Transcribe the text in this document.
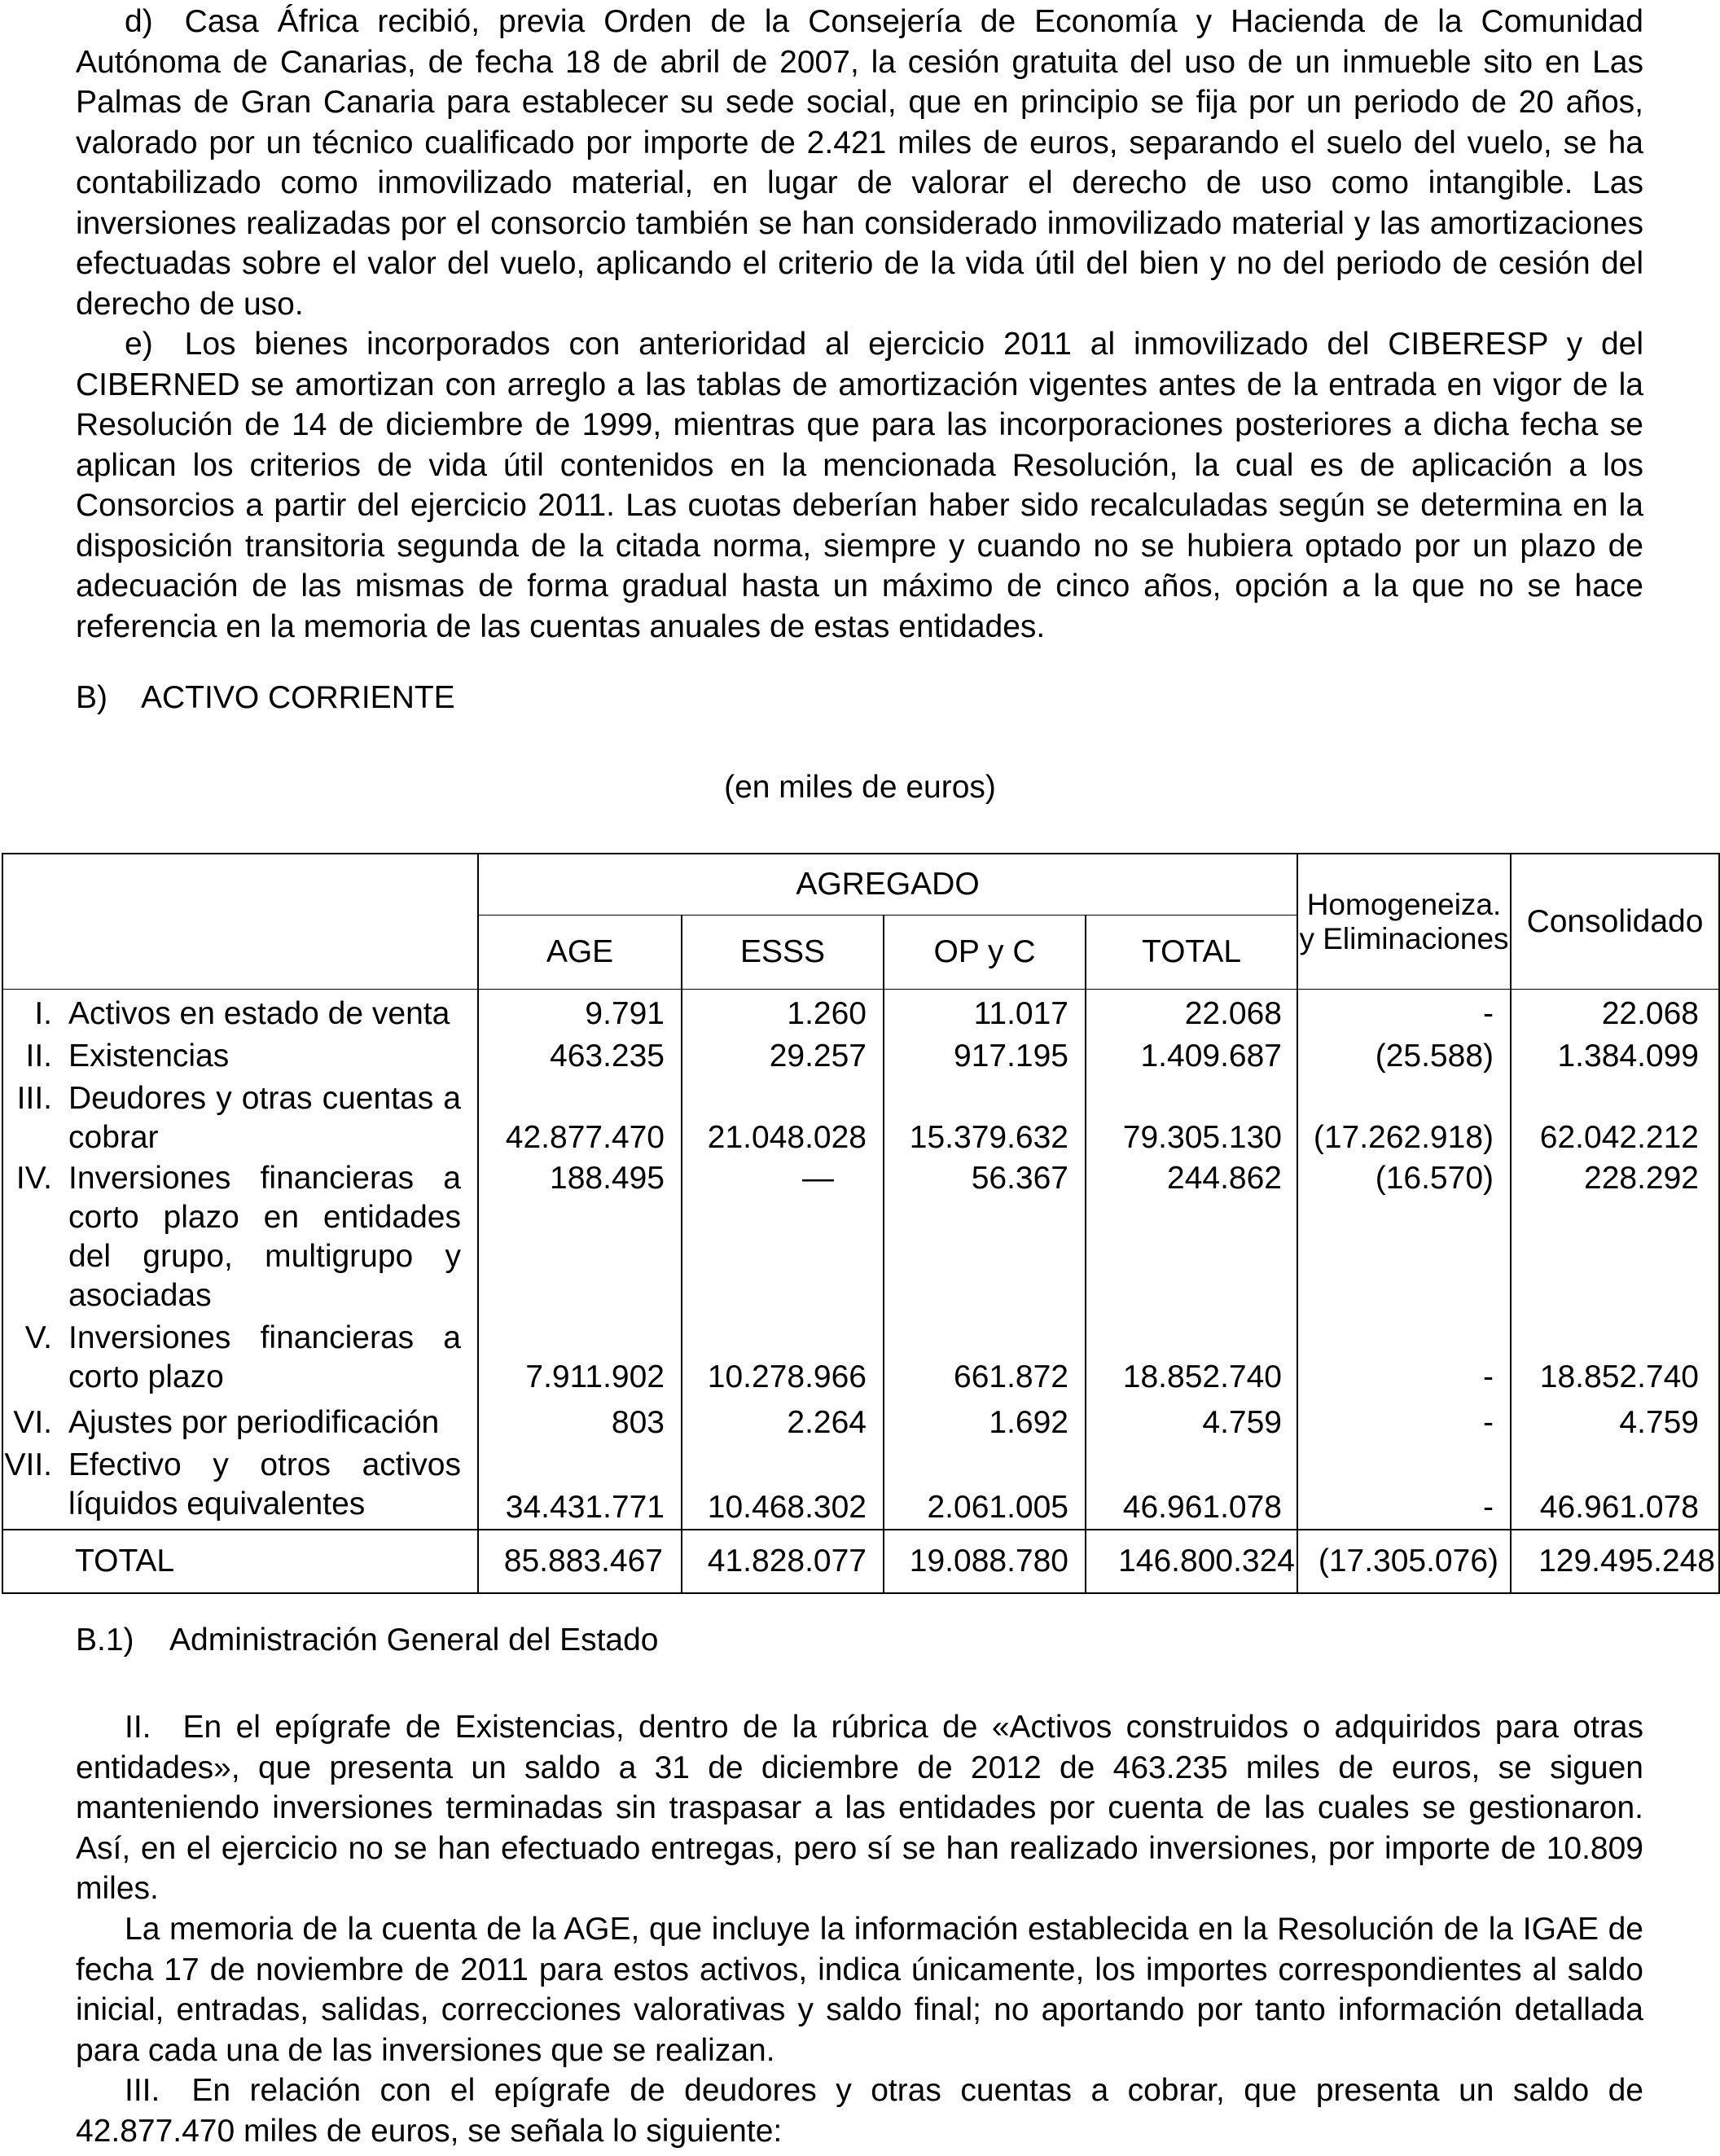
d) Casa África recibió, previa Orden de la Consejería de Economía y Hacienda de la Comunidad Autónoma de Canarias, de fecha 18 de abril de 2007, la cesión gratuita del uso de un inmueble sito en Las Palmas de Gran Canaria para establecer su sede social, que en principio se fija por un periodo de 20 años, valorado por un técnico cualificado por importe de 2.421 miles de euros, separando el suelo del vuelo, se ha contabilizado como inmovilizado material, en lugar de valorar el derecho de uso como intangible. Las inversiones realizadas por el consorcio también se han considerado inmovilizado material y las amortizaciones efectuadas sobre el valor del vuelo, aplicando el criterio de la vida útil del bien y no del periodo de cesión del derecho de uso.

e) Los bienes incorporados con anterioridad al ejercicio 2011 al inmovilizado del CIBERESP y del CIBERNED se amortizan con arreglo a las tablas de amortización vigentes antes de la entrada en vigor de la Resolución de 14 de diciembre de 1999, mientras que para las incorporaciones posteriores a dicha fecha se aplican los criterios de vida útil contenidos en la mencionada Resolución, la cual es de aplicación a los Consorcios a partir del ejercicio 2011. Las cuotas deberían haber sido recalculadas según se determina en la disposición transitoria segunda de la citada norma, siempre y cuando no se hubiera optado por un plazo de adecuación de las mismas de forma gradual hasta un máximo de cinco años, opción a la que no se hace referencia en la memoria de las cuentas anuales de estas entidades.

B) ACTIVO CORRIENTE
(en miles de euros)
	AGREGADO				Homogeneiza. y Eliminaciones	Consolidado
	AGE	ESSS	OP y C	TOTAL		
I. Activos en estado de venta	9.791	1.260	11.017	22.068	-	22.068
II. Existencias	463.235	29.257	917.195	1.409.687	(25.588)	1.384.099
III. Deudores y otras cuentas a cobrar	42.877.470	21.048.028	15.379.632	79.305.130	(17.262.918)	62.042.212
IV. Inversiones financieras a corto plazo en entidades del grupo, multigrupo y asociadas	188.495	—	56.367	244.862	(16.570)	228.292
V. Inversiones financieras a corto plazo	7.911.902	10.278.966	661.872	18.852.740	-	18.852.740
VI. Ajustes por periodificación	803	2.264	1.692	4.759	-	4.759
VII. Efectivo y otros activos líquidos equivalentes	34.431.771	10.468.302	2.061.005	46.961.078	-	46.961.078
TOTAL	85.883.467	41.828.077	19.088.780	146.800.324	(17.305.076)	129.495.248
B.1) Administración General del Estado

II. En el epígrafe de Existencias, dentro de la rúbrica de «Activos construidos o adquiridos para otras entidades», que presenta un saldo a 31 de diciembre de 2012 de 463.235 miles de euros, se siguen manteniendo inversiones terminadas sin traspasar a las entidades por cuenta de las cuales se gestionaron. Así, en el ejercicio no se han efectuado entregas, pero sí se han realizado inversiones, por importe de 10.809 miles.

La memoria de la cuenta de la AGE, que incluye la información establecida en la Resolución de la IGAE de fecha 17 de noviembre de 2011 para estos activos, indica únicamente, los importes correspondientes al saldo inicial, entradas, salidas, correcciones valorativas y saldo final; no aportando por tanto información detallada para cada una de las inversiones que se realizan.

III. En relación con el epígrafe de deudores y otras cuentas a cobrar, que presenta un saldo de 42.877.470 miles de euros, se señala lo siguiente:
